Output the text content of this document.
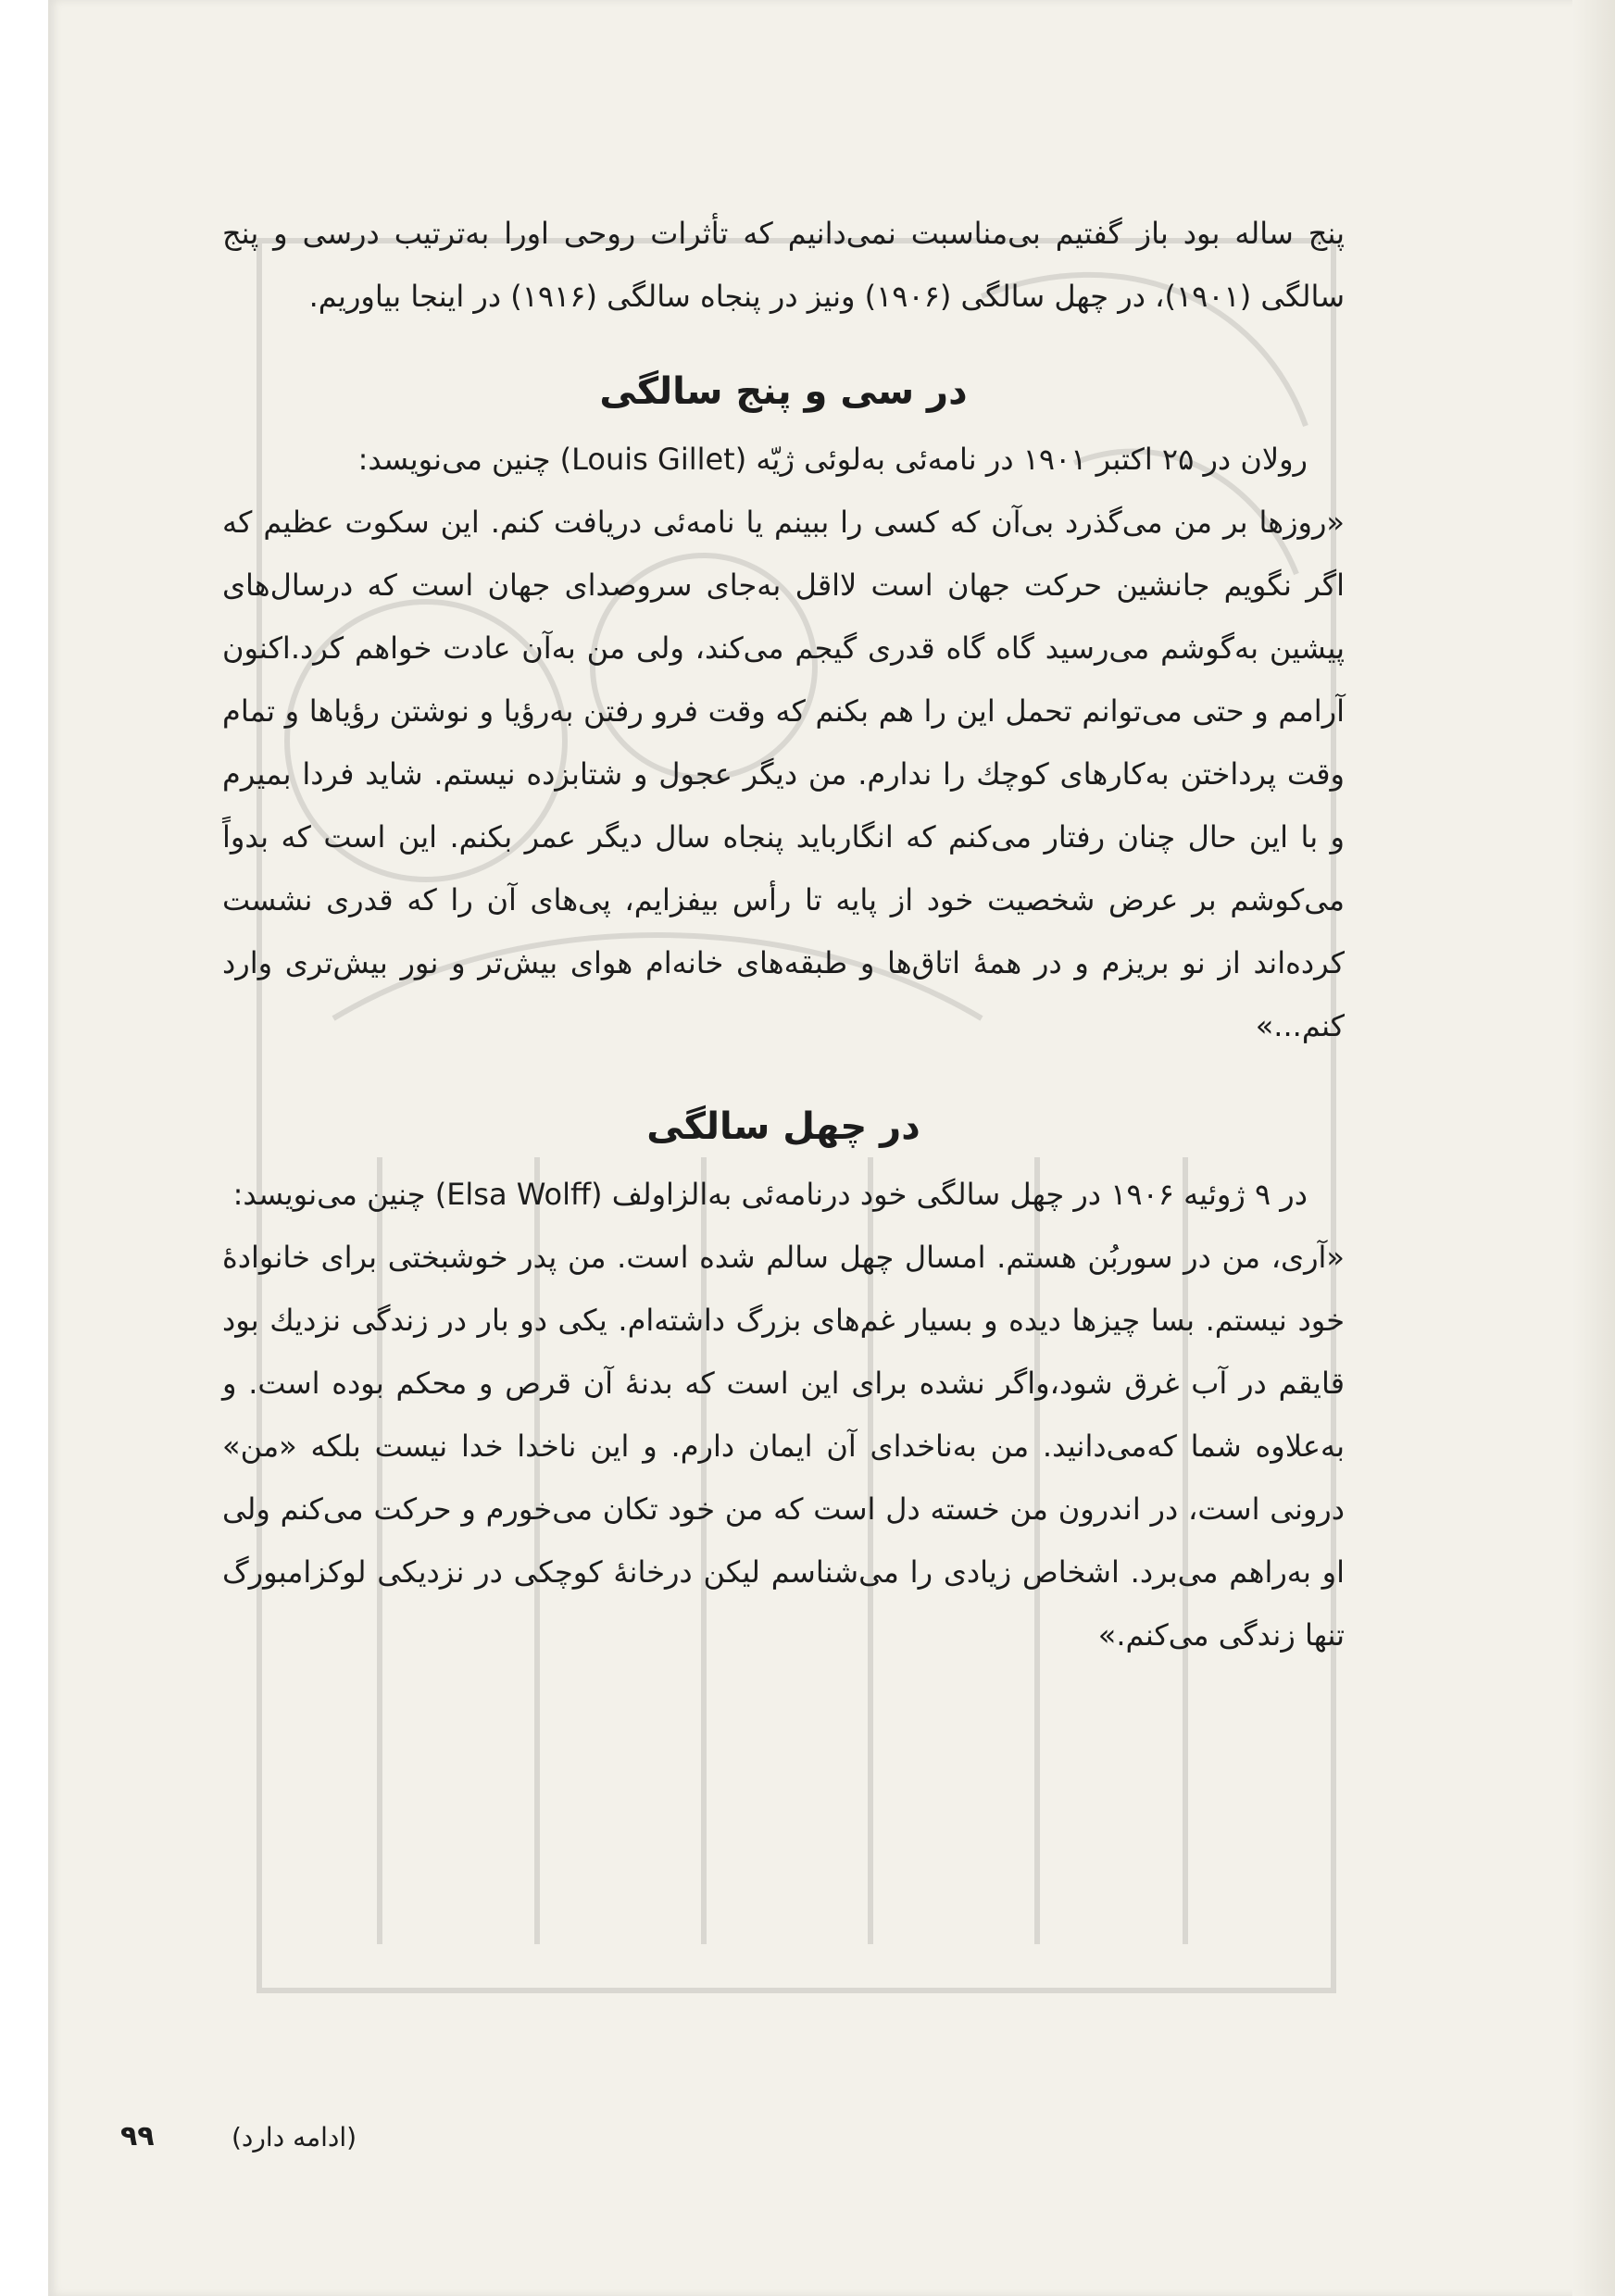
پنج ساله بود باز گفتیم بی‌مناسبت نمی‌دانیم که تأثرات روحی اورا به‌ترتیب درسی و پنج سالگی (۱۹۰۱)، در چهل سالگی (۱۹۰۶) ونیز در پنجاه سالگی (۱۹۱۶) در اینجا بیاوریم.

در سی و پنج سالگی

رولان در ۲۵ اکتبر ۱۹۰۱ در نامه‌ئی به‌لوئی ژیّه (Louis Gillet) چنین می‌نویسد:

«روزها بر من می‌گذرد بی‌آن که کسی را ببینم یا نامه‌ئی دریافت کنم. این سکوت عظیم که اگر نگویم جانشین حرکت جهان است لااقل به‌جای سروصدای جهان است که درسال‌های پیشین به‌گوشم می‌رسید گاه گاه قدری گیجم می‌کند، ولی من به‌آن عادت خواهم کرد.اکنون آرامم و حتی می‌توانم تحمل این را هم بکنم که وقت فرو رفتن به‌رؤیا و نوشتن رؤیاها و تمام وقت پرداختن به‌کارهای کوچك را ندارم. من دیگر عجول و شتابزده نیستم. شاید فردا بمیرم و با این حال چنان رفتار می‌کنم که انگارباید پنجاه سال دیگر عمر بکنم. این است که بدواً می‌کوشم بر عرض شخصیت خود از پایه تا رأس بیفزایم، پی‌های آن را که قدری نشست کرده‌اند از نو بریزم و در همهٔ اتاق‌ها و طبقه‌های خانه‌ام هوای بیش‌تر و نور بیش‌تری وارد کنم...»

در چهل سالگی

در ۹ ژوئیه ۱۹۰۶ در چهل سالگی خود درنامه‌ئی به‌الزاولف (Elsa Wolff) چنین می‌نویسد:

«آری، من در سوربُن هستم. امسال چهل سالم شده است. من پدر خوشبختی برای خانوادهٔ خود نیستم. بسا چیزها دیده و بسیار غم‌های بزرگ داشته‌ام. یکی دو بار در زندگی نزدیك بود قایقم در آب غرق شود،واگر نشده برای این است که بدنهٔ آن قرص و محکم بوده است. و به‌علاوه شما که‌می‌دانید. من به‌ناخدای آن ایمان دارم. و این ناخدا خدا نیست بلکه «من» درونی است، در اندرون من خسته دل است که من خود تکان می‌خورم و حرکت می‌کنم ولی او به‌راهم می‌برد. اشخاص زیادی را می‌شناسم لیکن درخانهٔ کوچکی در نزدیکی لوکزامبورگ تنها زندگی می‌کنم.»

۹۹	(ادامه دارد)
